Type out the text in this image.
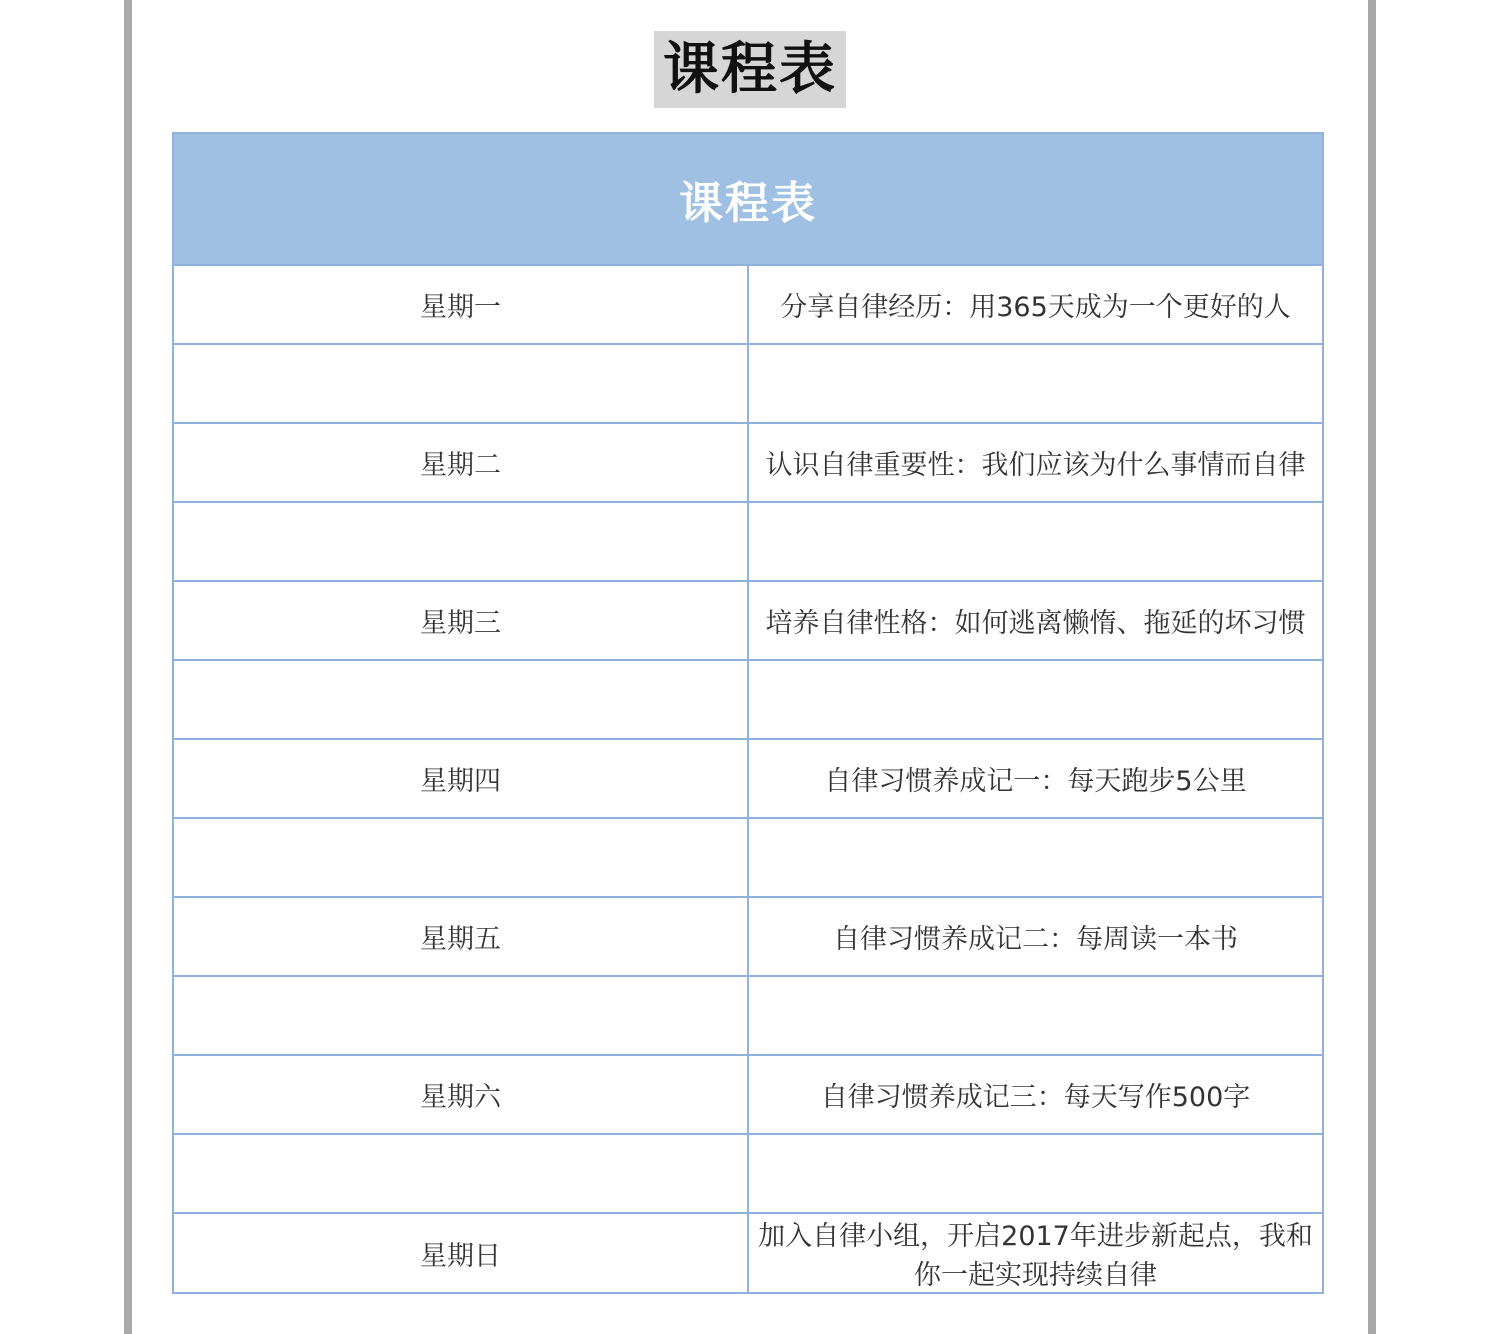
课程表
课程表	
星期一	分享自律经历：用365天成为一个更好的人

星期二	认识自律重要性：我们应该为什么事情而自律

星期三	培养自律性格：如何逃离懒惰、拖延的坏习惯

星期四	自律习惯养成记一：每天跑步5公里

星期五	自律习惯养成记二：每周读一本书

星期六	自律习惯养成记三：每天写作500字

星期日	加入自律小组，开启2017年进步新起点，我和你一起实现持续自律
